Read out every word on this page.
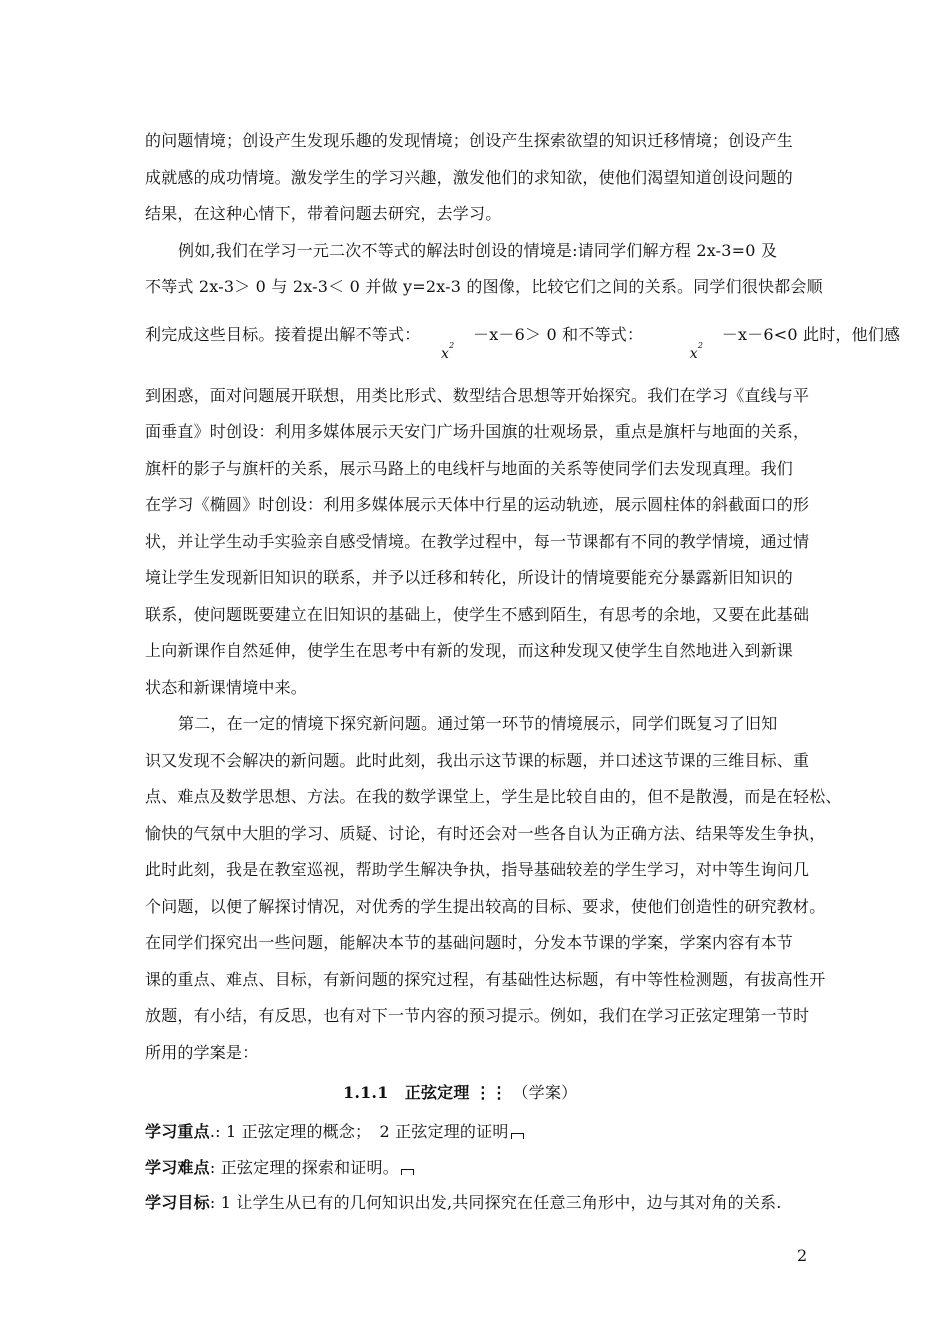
的问题情境；创设产生发现乐趣的发现情境；创设产生探索欲望的知识迁移情境；创设产生
成就感的成功情境。激发学生的学习兴趣，激发他们的求知欲，使他们渴望知道创设问题的
结果，在这种心情下，带着问题去研究，去学习。
例如,我们在学习一元二次不等式的解法时创设的情境是:请同学们解方程 2x-3=0 及
不等式 2x-3＞ 0 与 2x-3＜ 0 并做 y=2x-3 的图像，比较它们之间的关系。同学们很快都会顺
利完成这些目标。接着提出解不等式：  $x^2 -x-6> 0$ 和不等式：  $x^2 -x-6<0$ 此时，他们感
到困惑，面对问题展开联想，用类比形式、数型结合思想等开始探究。我们在学习《直线与平
面垂直》时创设：利用多媒体展示天安门广场升国旗的壮观场景，重点是旗杆与地面的关系，
旗杆的影子与旗杆的关系，展示马路上的电线杆与地面的关系等使同学们去发现真理。我们
在学习《椭圆》时创设：利用多媒体展示天体中行星的运动轨迹，展示圆柱体的斜截面口的形
状，并让学生动手实验亲自感受情境。在教学过程中，每一节课都有不同的教学情境，通过情
境让学生发现新旧知识的联系，并予以迁移和转化，所设计的情境要能充分暴露新旧知识的
联系，使问题既要建立在旧知识的基础上，使学生不感到陌生，有思考的余地，又要在此基础
上向新课作自然延伸，使学生在思考中有新的发现，而这种发现又使学生自然地进入到新课
状态和新课情境中来。
第二，在一定的情境下探究新问题。通过第一环节的情境展示，同学们既复习了旧知
识又发现不会解决的新问题。此时此刻，我出示这节课的标题，并口述这节课的三维目标、重
点、难点及数学思想、方法。在我的数学课堂上，学生是比较自由的，但不是散漫，而是在轻松、
愉快的气氛中大胆的学习、质疑、讨论，有时还会对一些各自认为正确方法、结果等发生争执，
此时此刻，我是在教室巡视，帮助学生解决争执，指导基础较差的学生学习，对中等生询问几
个问题，以便了解探讨情况，对优秀的学生提出较高的目标、要求，使他们创造性的研究教材。
在同学们探究出一些问题，能解决本节的基础问题时，分发本节课的学案，学案内容有本节
课的重点、难点、目标，有新问题的探究过程，有基础性达标题，有中等性检测题，有拔高性开
放题，有小结，有反思，也有对下一节内容的预习提示。例如，我们在学习正弦定理第一节时
所用的学案是：
1.1.1　正弦定理 ⋮⋮ （学案）
学习重点.: 1 正弦定理的概念；　2 正弦定理的证明
学习难点: 正弦定理的探索和证明。
学习目标: 1 让学生从已有的几何知识出发,共同探究在任意三角形中，边与其对角的关系.
2
